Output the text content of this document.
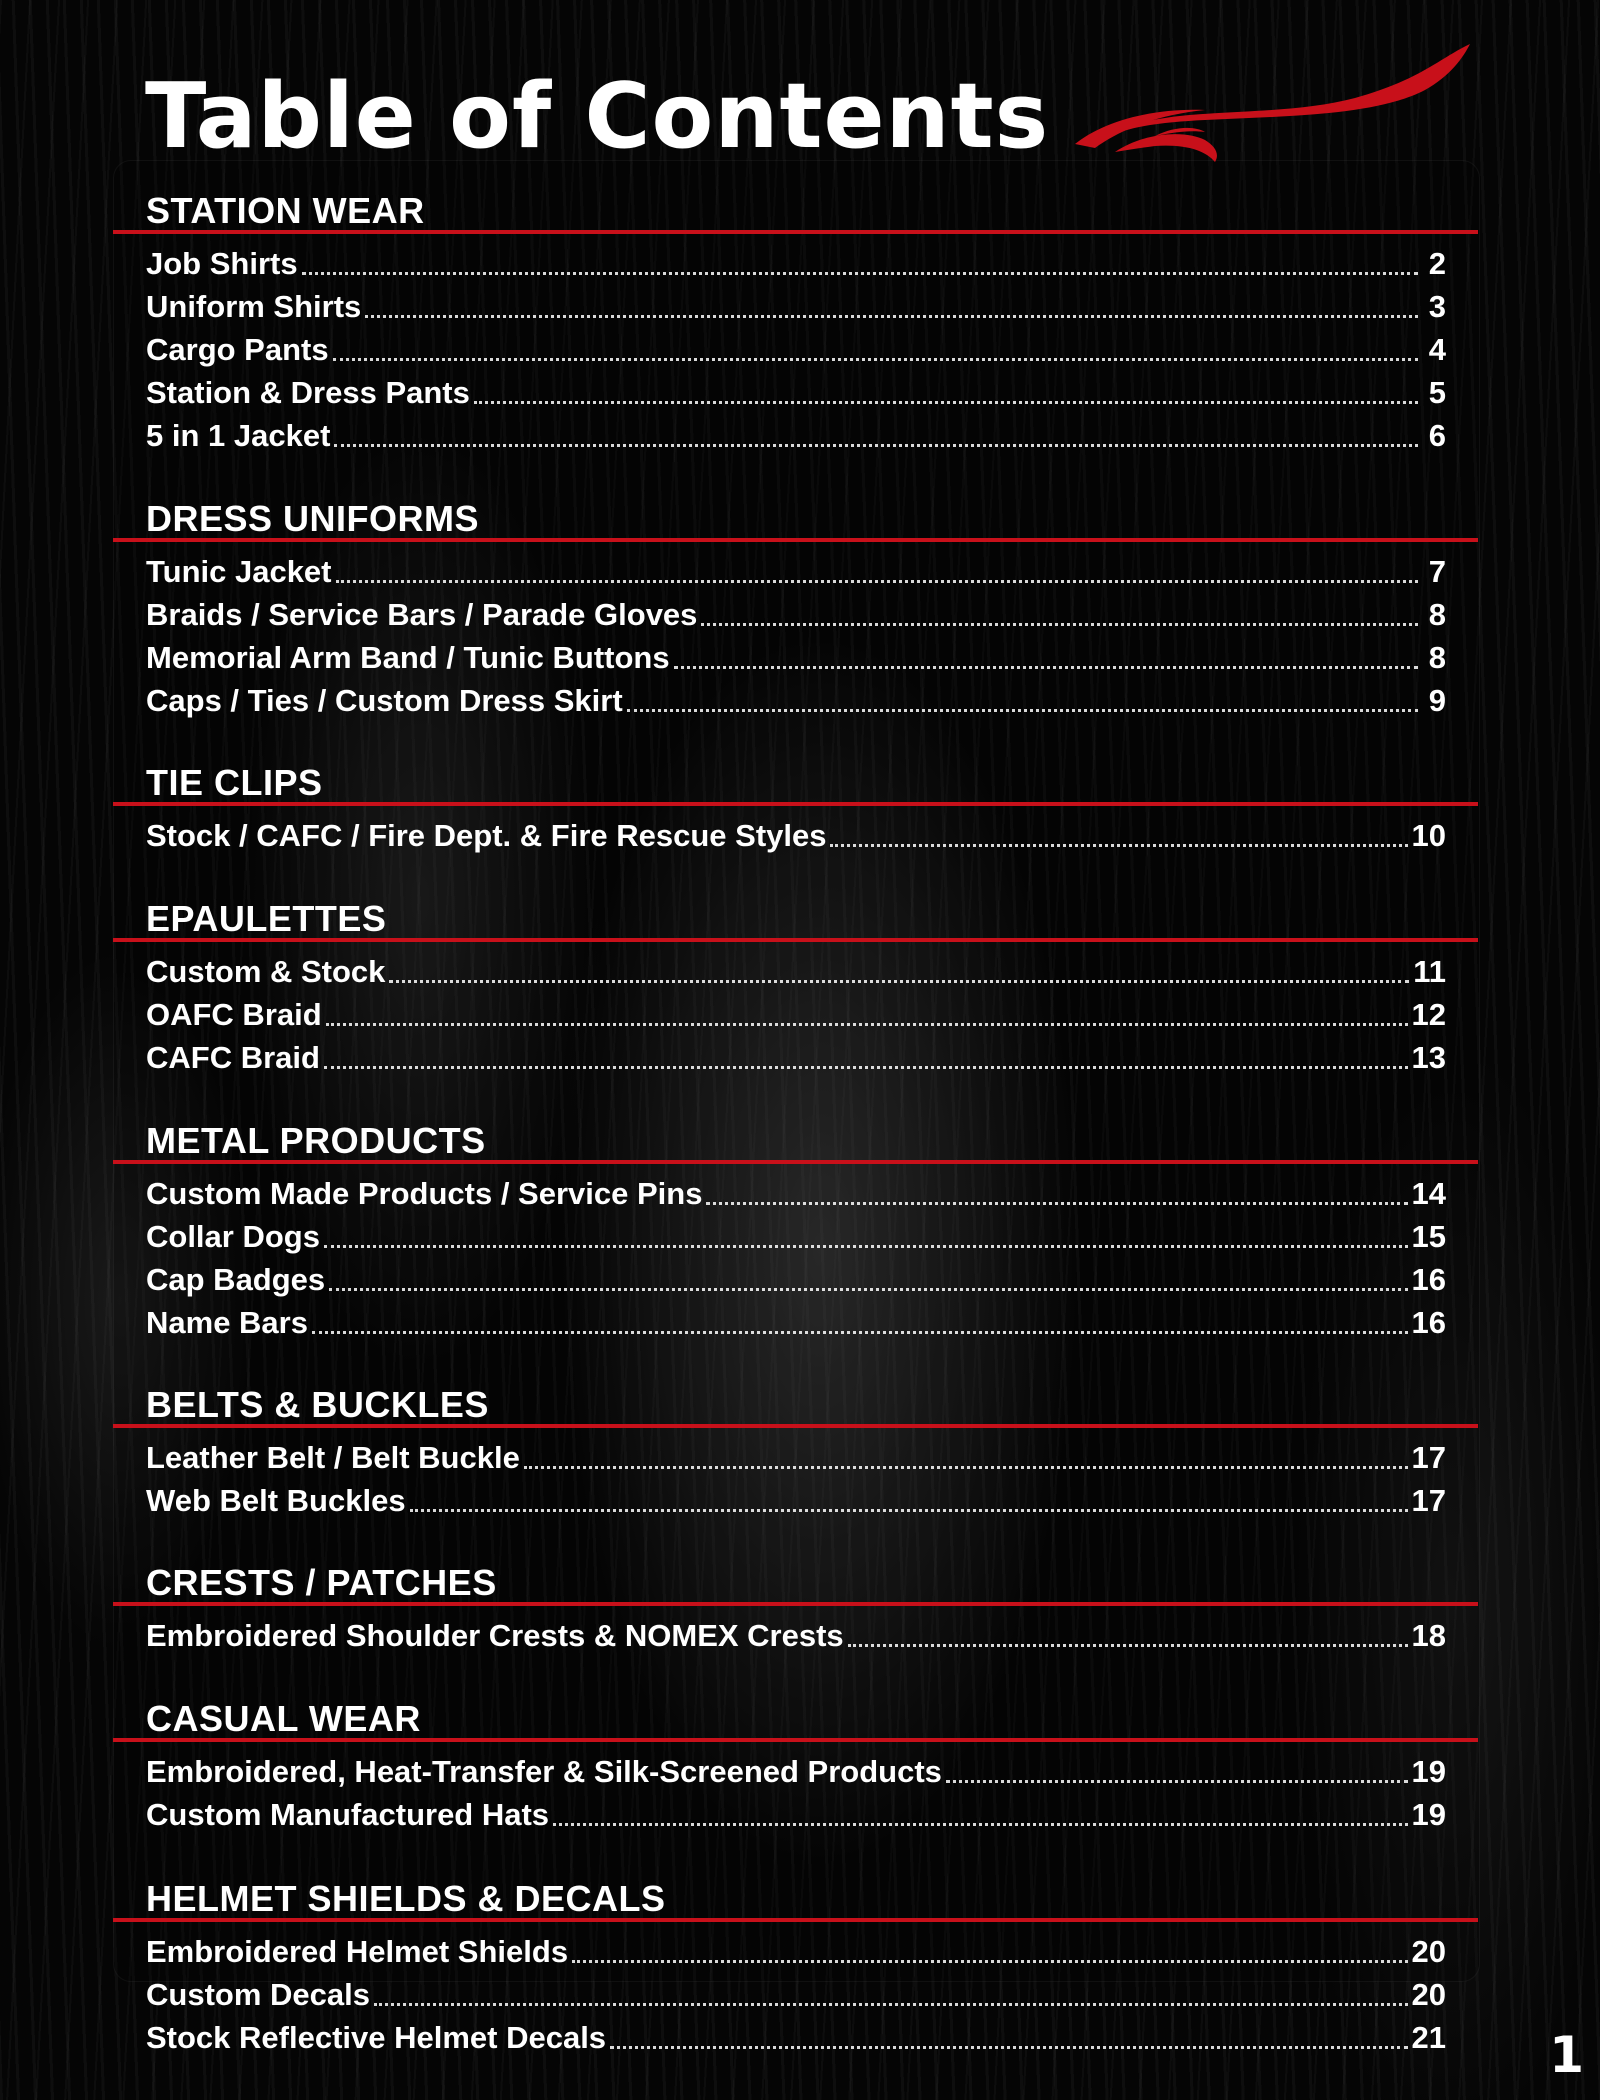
Table of Contents
STATION WEAR
Job Shirts	2
Uniform Shirts	3
Cargo Pants	4
Station & Dress Pants	5
5 in 1 Jacket	6
DRESS UNIFORMS
Tunic Jacket	7
Braids / Service Bars / Parade Gloves	8
Memorial Arm Band / Tunic Buttons	8
Caps / Ties / Custom Dress Skirt	9
TIE CLIPS
Stock / CAFC / Fire Dept. & Fire Rescue Styles	10
EPAULETTES
Custom & Stock	11
OAFC Braid	12
CAFC Braid	13
METAL PRODUCTS
Custom Made Products / Service Pins	14
Collar Dogs	15
Cap Badges	16
Name Bars	16
BELTS & BUCKLES
Leather Belt / Belt Buckle	17
Web Belt Buckles	17
CRESTS / PATCHES
Embroidered Shoulder Crests & NOMEX Crests	18
CASUAL WEAR
Embroidered, Heat-Transfer & Silk-Screened Products	19
Custom Manufactured Hats	19
HELMET SHIELDS & DECALS
Embroidered Helmet Shields	20
Custom Decals	20
Stock Reflective Helmet Decals	21 1
